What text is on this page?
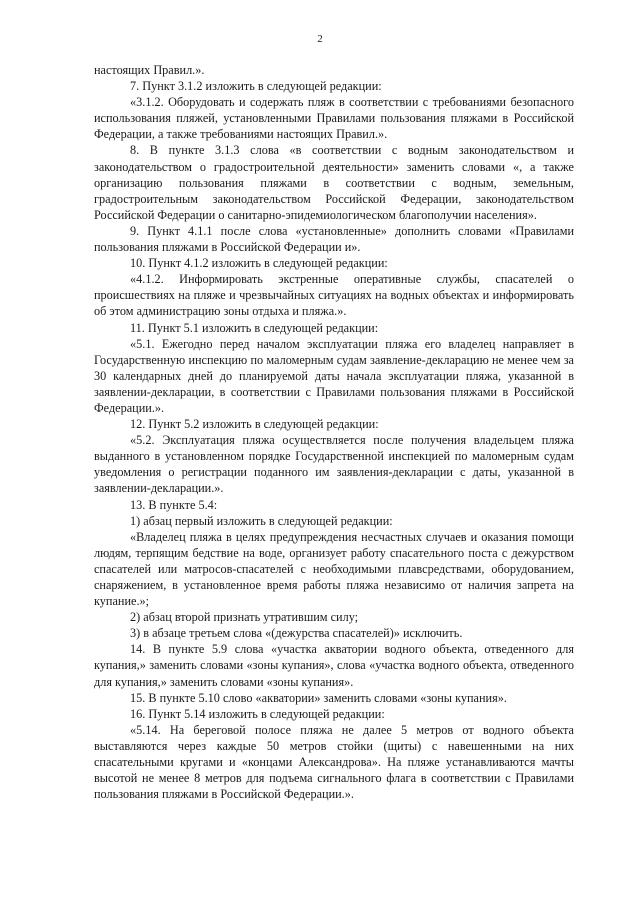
2

настоящих Правил.».

7. Пункт 3.1.2 изложить в следующей редакции:

«3.1.2. Оборудовать и содержать пляж в соответствии с требованиями безопасного использования пляжей, установленными Правилами пользования пляжами в Российской Федерации, а также требованиями настоящих Правил.».

8. В пункте 3.1.3 слова «в соответствии с водным законодательством и законодательством о градостроительной деятельности» заменить словами «, а также организацию пользования пляжами в соответствии с водным, земельным, градостроительным законодательством Российской Федерации, законодательством Российской Федерации о санитарно-эпидемиологическом благополучии населения».

9. Пункт 4.1.1 после слова «установленные» дополнить словами «Правилами пользования пляжами в Российской Федерации и».

10. Пункт 4.1.2 изложить в следующей редакции:

«4.1.2. Информировать экстренные оперативные службы, спасателей о происшествиях на пляже и чрезвычайных ситуациях на водных объектах и информировать об этом администрацию зоны отдыха и пляжа.».

11. Пункт 5.1 изложить в следующей редакции:

«5.1. Ежегодно перед началом эксплуатации пляжа его владелец направляет в Государственную инспекцию по маломерным судам заявление-декларацию не менее чем за 30 календарных дней до планируемой даты начала эксплуатации пляжа, указанной в заявлении-декларации, в соответствии с Правилами пользования пляжами в Российской Федерации.».

12. Пункт 5.2 изложить в следующей редакции:

«5.2. Эксплуатация пляжа осуществляется после получения владельцем пляжа выданного в установленном порядке Государственной инспекцией по маломерным судам уведомления о регистрации поданного им заявления-декларации с даты, указанной в заявлении-декларации.».

13. В пункте 5.4:

1) абзац первый изложить в следующей редакции:

«Владелец пляжа в целях предупреждения несчастных случаев и оказания помощи людям, терпящим бедствие на воде, организует работу спасательного поста с дежурством спасателей или матросов-спасателей с необходимыми плавсредствами, оборудованием, снаряжением, в установленное время работы пляжа независимо от наличия запрета на купание.»;

2) абзац второй признать утратившим силу;

3) в абзаце третьем слова «(дежурства спасателей)» исключить.

14. В пункте 5.9 слова «участка акватории водного объекта, отведенного для купания,» заменить словами «зоны купания», слова «участка водного объекта, отведенного для купания,» заменить словами «зоны купания».

15. В пункте 5.10 слово «акватории» заменить словами «зоны купания».

16. Пункт 5.14 изложить в следующей редакции:

«5.14. На береговой полосе пляжа не далее 5 метров от водного объекта выставляются через каждые 50 метров стойки (щиты) с навешенными на них спасательными кругами и «концами Александрова». На пляже устанавливаются мачты высотой не менее 8 метров для подъема сигнального флага в соответствии с Правилами пользования пляжами в Российской Федерации.».
